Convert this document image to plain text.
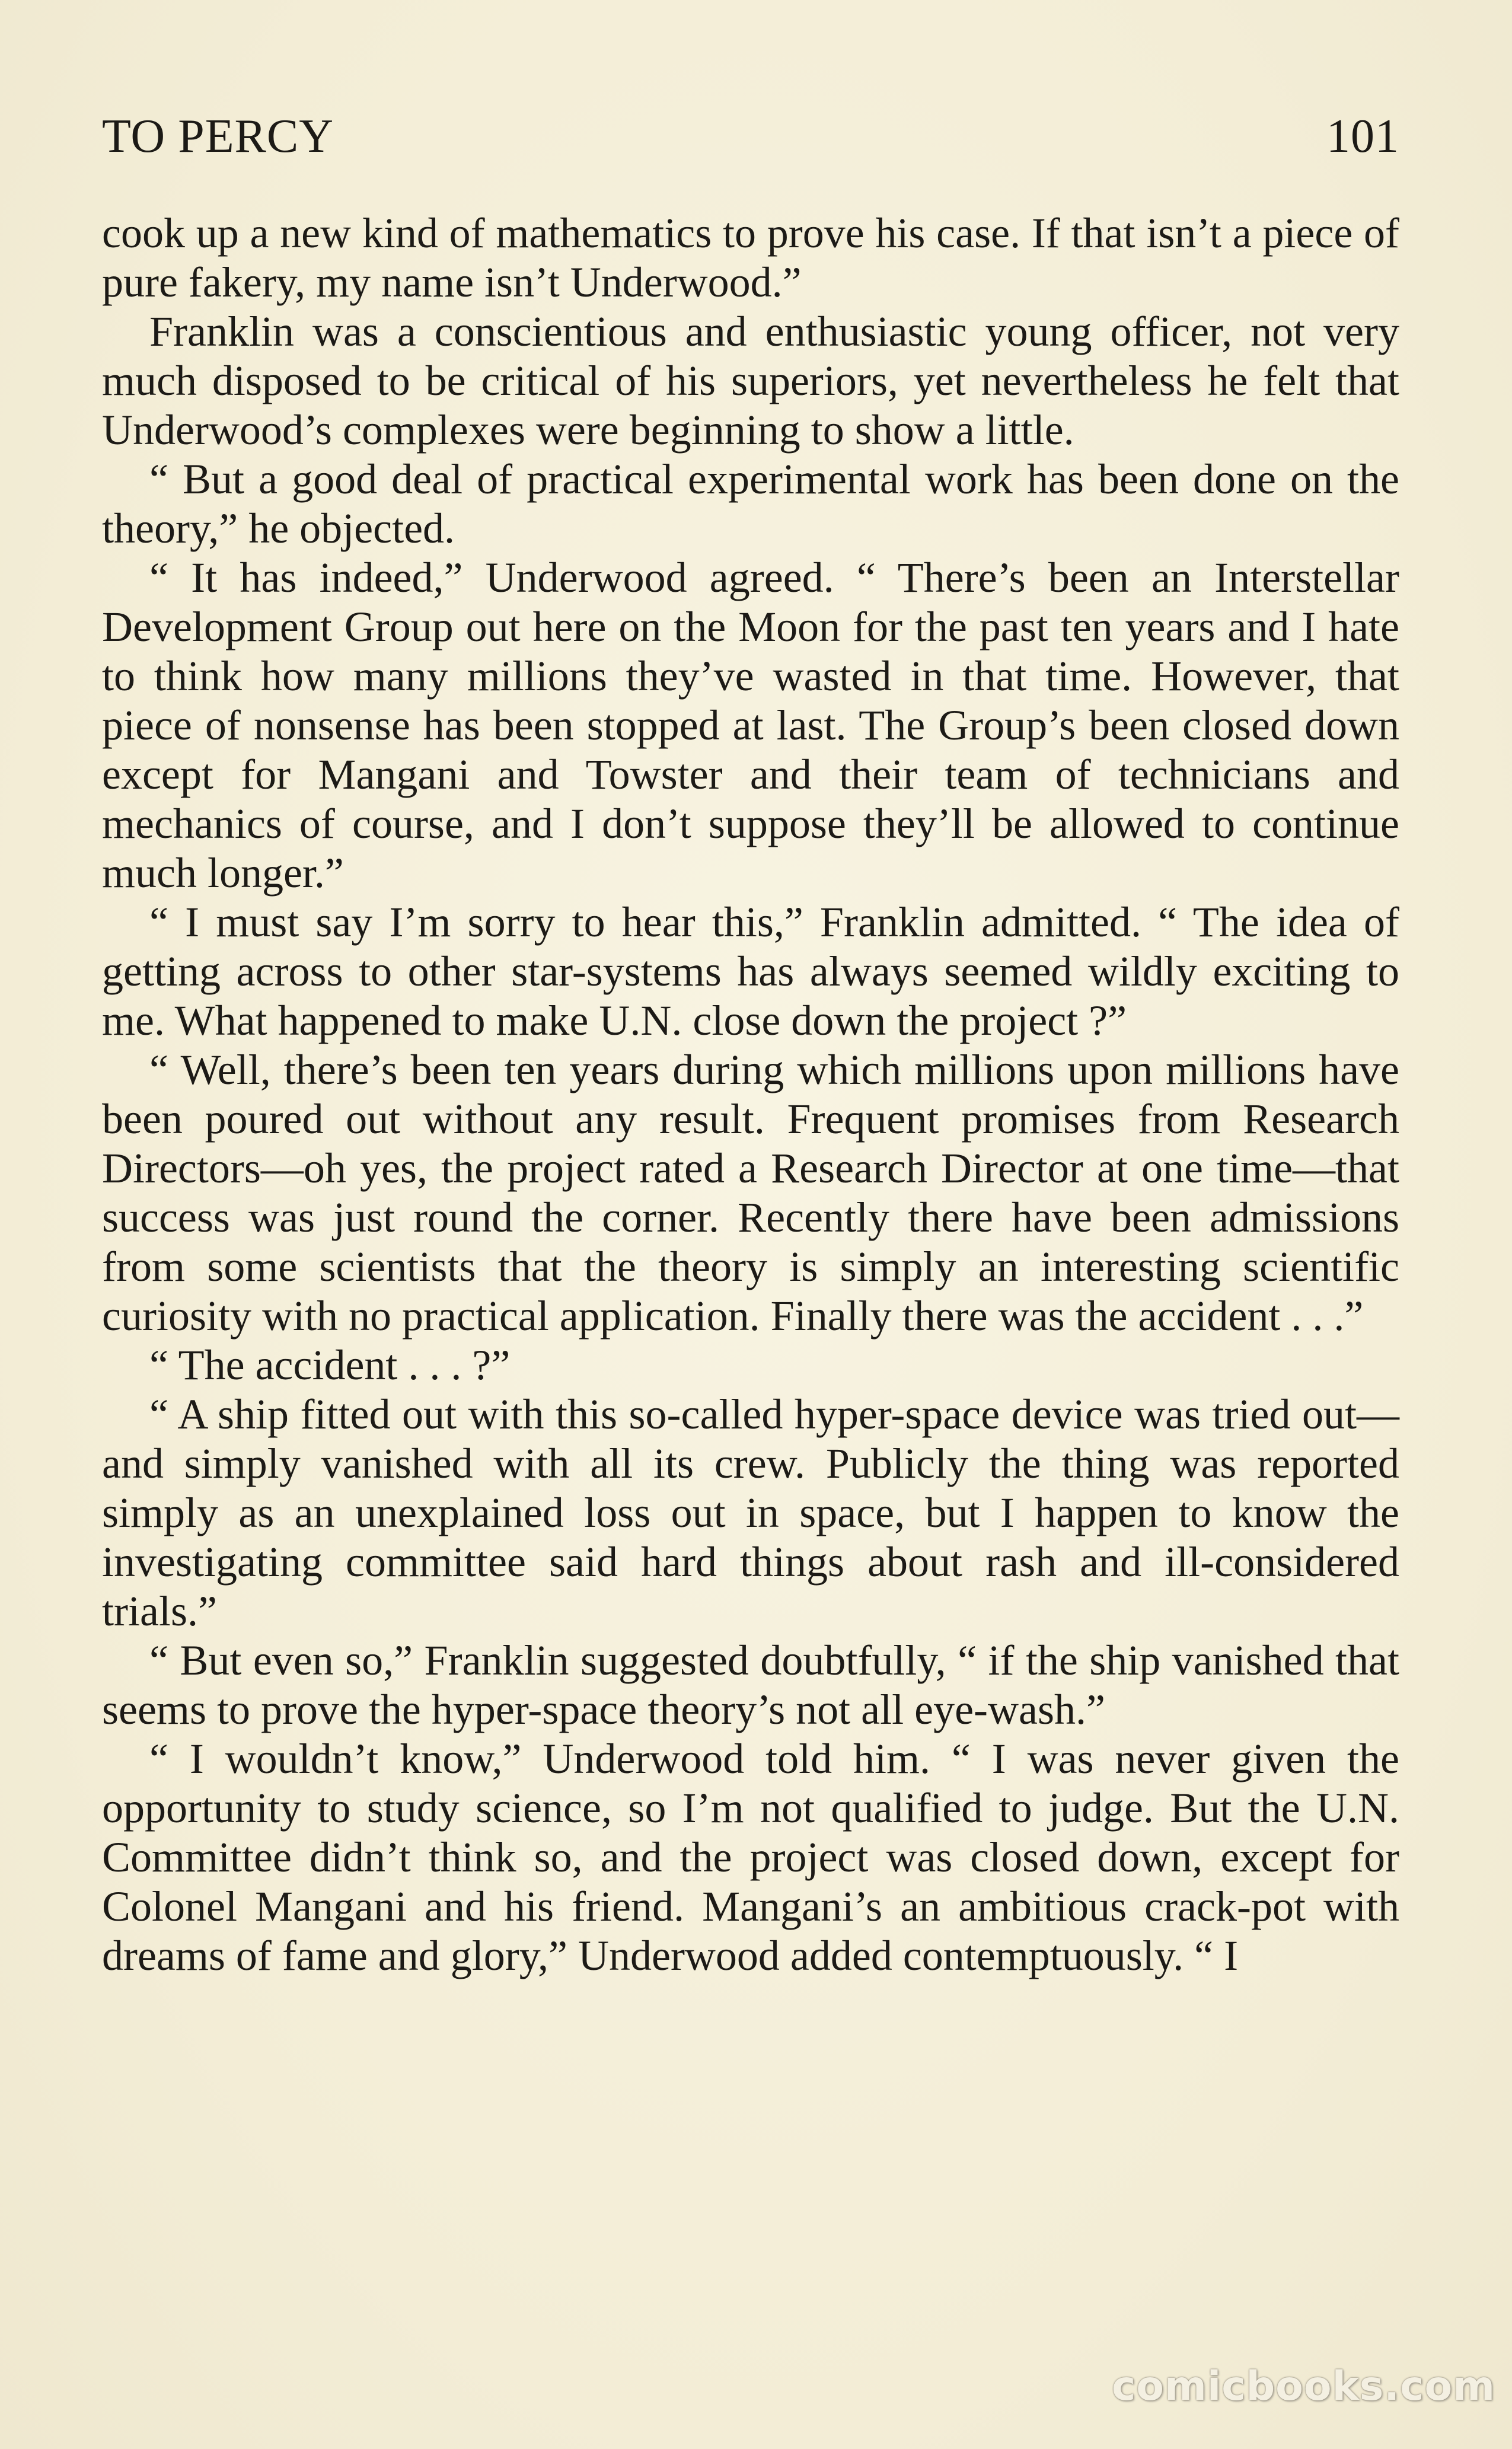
TO PERCY	101

cook up a new kind of mathematics to prove his case. If that isn’t a piece of pure fakery, my name isn’t Underwood.”

Franklin was a conscientious and enthusiastic young officer, not very much disposed to be critical of his superiors, yet nevertheless he felt that Underwood’s complexes were beginning to show a little.

“ But a good deal of practical experimental work has been done on the theory,” he objected.

“ It has indeed,” Underwood agreed. “ There’s been an Interstellar Development Group out here on the Moon for the past ten years and I hate to think how many millions they’ve wasted in that time. However, that piece of nonsense has been stopped at last. The Group’s been closed down except for Mangani and Towster and their team of technicians and mechanics of course, and I don’t suppose they’ll be allowed to continue much longer.”

“ I must say I’m sorry to hear this,” Franklin admitted. “ The idea of getting across to other star-systems has always seemed wildly exciting to me. What happened to make U.N. close down the project ?”

“ Well, there’s been ten years during which millions upon millions have been poured out without any result. Frequent promises from Research Directors—oh yes, the project rated a Research Director at one time—that success was just round the corner. Recently there have been admissions from some scientists that the theory is simply an interesting scientific curiosity with no practical application. Finally there was the accident . . .”

“ The accident . . . ?”

“ A ship fitted out with this so-called hyper-space device was tried out—and simply vanished with all its crew. Publicly the thing was reported simply as an unexplained loss out in space, but I happen to know the investigating committee said hard things about rash and ill-considered trials.”

“ But even so,” Franklin suggested doubtfully, “ if the ship vanished that seems to prove the hyper-space theory’s not all eye-wash.”

“ I wouldn’t know,” Underwood told him. “ I was never given the opportunity to study science, so I’m not qualified to judge. But the U.N. Committee didn’t think so, and the project was closed down, except for Colonel Mangani and his friend. Mangani’s an ambitious crack-pot with dreams of fame and glory,” Underwood added contemptuously. “ I

comicbooks.com
